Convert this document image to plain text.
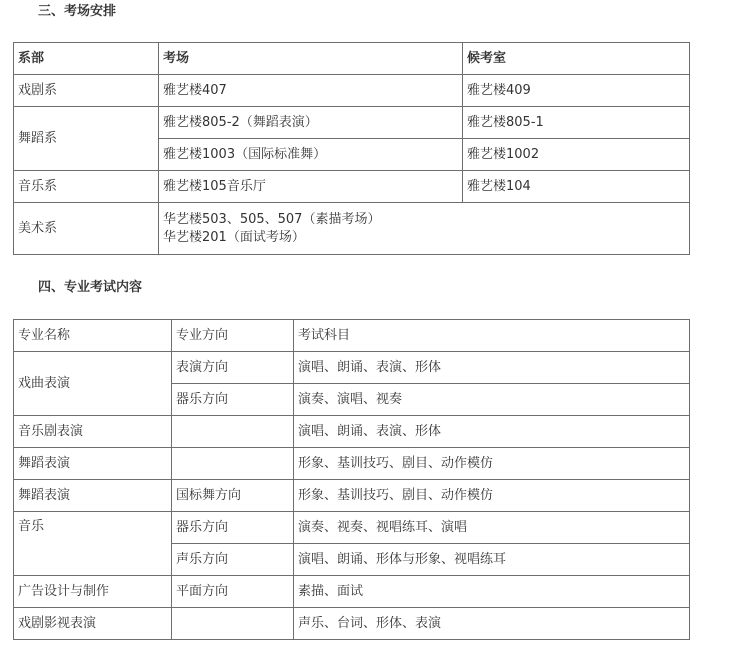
三、考场安排
系部	考场	候考室
戏剧系	雅艺楼407	雅艺楼409
舞蹈系	雅艺楼805-2（舞蹈表演）	雅艺楼805-1
	雅艺楼1003（国际标准舞）	雅艺楼1002
音乐系	雅艺楼105音乐厅	雅艺楼104
美术系	华艺楼503、505、507（素描考场）
华艺楼201（面试考场）	
四、专业考试内容
专业名称	专业方向	考试科目
戏曲表演	表演方向	演唱、朗诵、表演、形体
	器乐方向	演奏、演唱、视奏
音乐剧表演		演唱、朗诵、表演、形体
舞蹈表演		形象、基训技巧、剧目、动作模仿
舞蹈表演	国标舞方向	形象、基训技巧、剧目、动作模仿
音乐	器乐方向	演奏、视奏、视唱练耳、演唱
	声乐方向	演唱、朗诵、形体与形象、视唱练耳
广告设计与制作	平面方向	素描、面试
戏剧影视表演		声乐、台词、形体、表演
